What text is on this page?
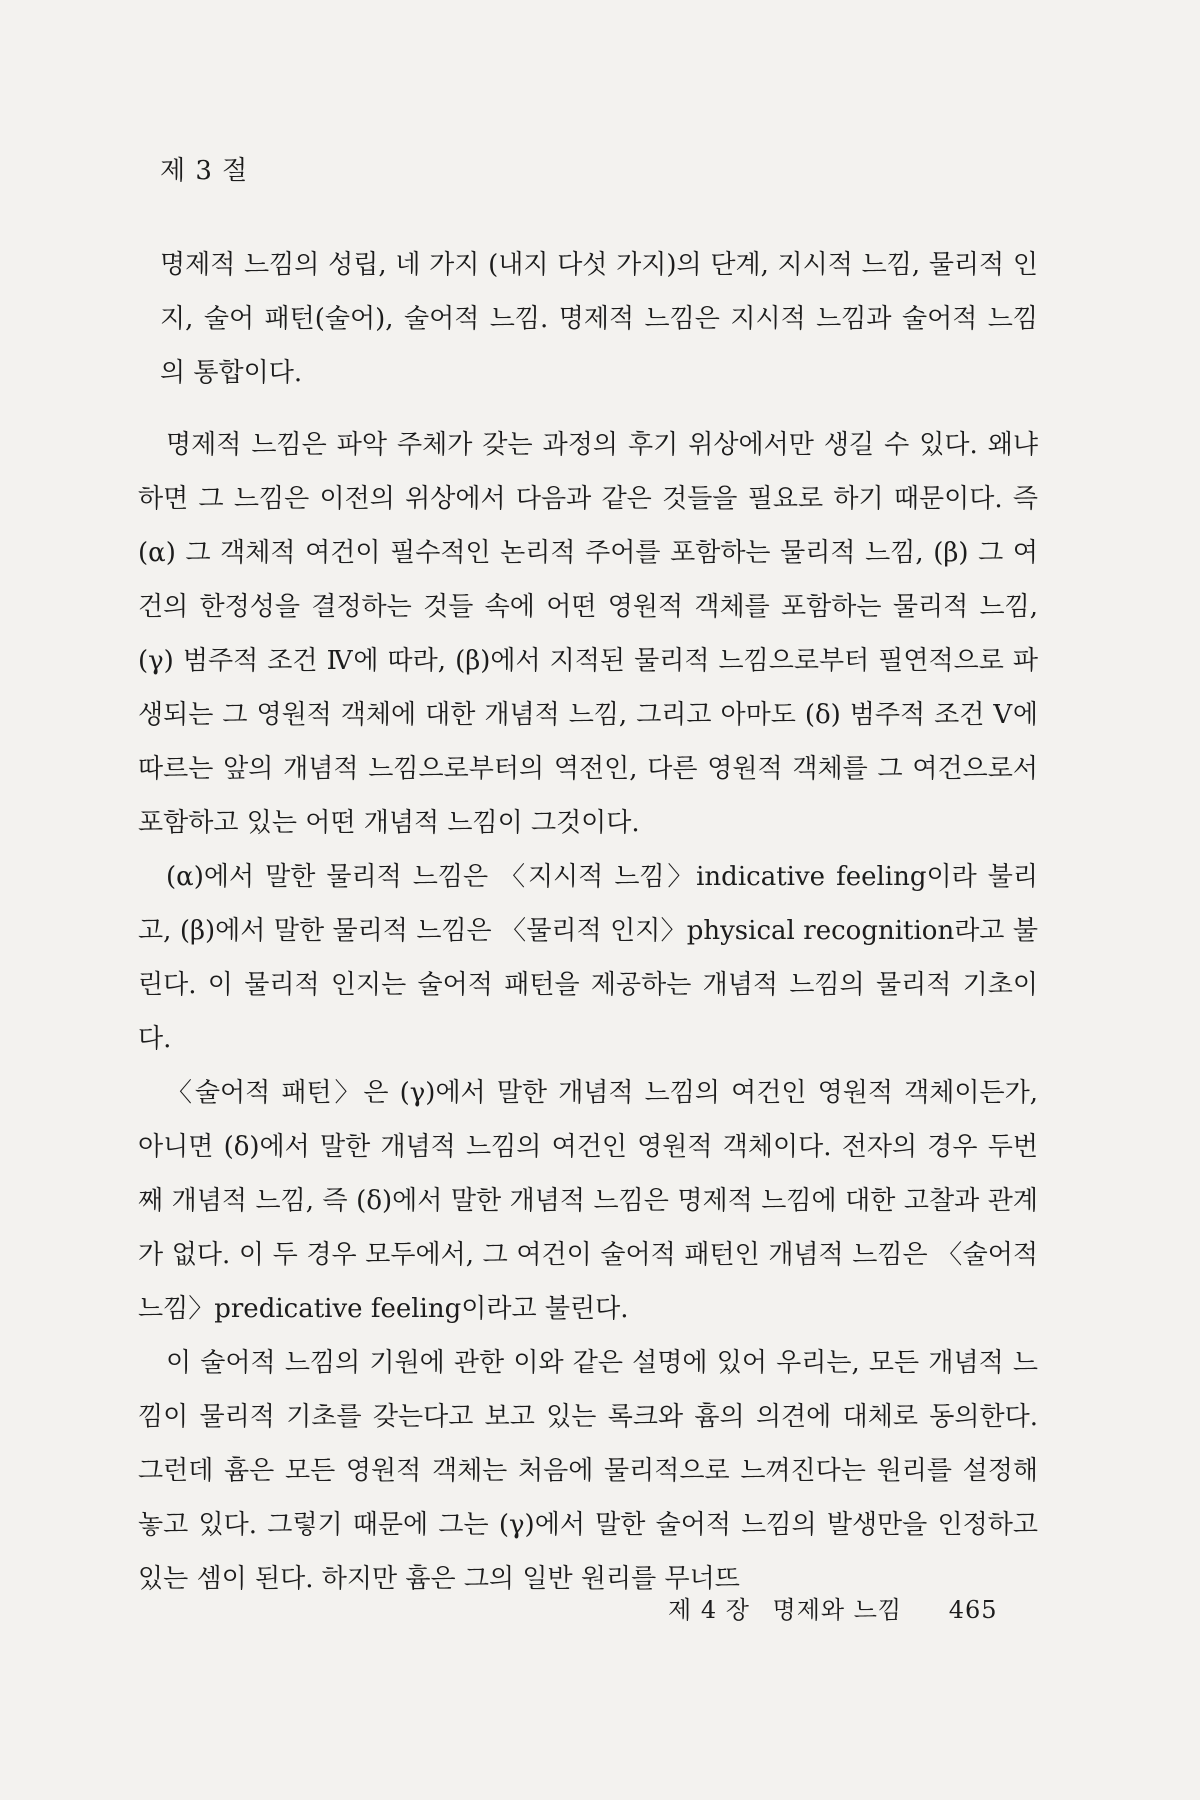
제 3 절
명제적 느낌의 성립, 네 가지 (내지 다섯 가지)의 단계, 지시적 느낌, 물리적 인지, 술어 패턴(술어), 술어적 느낌. 명제적 느낌은 지시적 느낌과 술어적 느낌의 통합이다.

명제적 느낌은 파악 주체가 갖는 과정의 후기 위상에서만 생길 수 있다. 왜냐하면 그 느낌은 이전의 위상에서 다음과 같은 것들을 필요로 하기 때문이다. 즉 (α) 그 객체적 여건이 필수적인 논리적 주어를 포함하는 물리적 느낌, (β) 그 여건의 한정성을 결정하는 것들 속에 어떤 영원적 객체를 포함하는 물리적 느낌, (γ) 범주적 조건 Ⅳ에 따라, (β)에서 지적된 물리적 느낌으로부터 필연적으로 파생되는 그 영원적 객체에 대한 개념적 느낌, 그리고 아마도 (δ) 범주적 조건 Ⅴ에 따르는 앞의 개념적 느낌으로부터의 역전인, 다른 영원적 객체를 그 여건으로서 포함하고 있는 어떤 개념적 느낌이 그것이다.

(α)에서 말한 물리적 느낌은 〈지시적 느낌〉indicative feeling이라 불리고, (β)에서 말한 물리적 느낌은 〈물리적 인지〉physical recognition라고 불린다. 이 물리적 인지는 술어적 패턴을 제공하는 개념적 느낌의 물리적 기초이다.

〈술어적 패턴〉은 (γ)에서 말한 개념적 느낌의 여건인 영원적 객체이든가, 아니면 (δ)에서 말한 개념적 느낌의 여건인 영원적 객체이다. 전자의 경우 두번째 개념적 느낌, 즉 (δ)에서 말한 개념적 느낌은 명제적 느낌에 대한 고찰과 관계가 없다. 이 두 경우 모두에서, 그 여건이 술어적 패턴인 개념적 느낌은 〈술어적 느낌〉predicative feeling이라고 불린다.

이 술어적 느낌의 기원에 관한 이와 같은 설명에 있어 우리는, 모든 개념적 느낌이 물리적 기초를 갖는다고 보고 있는 록크와 흄의 의견에 대체로 동의한다. 그런데 흄은 모든 영원적 객체는 처음에 물리적으로 느껴진다는 원리를 설정해 놓고 있다. 그렇기 때문에 그는 (γ)에서 말한 술어적 느낌의 발생만을 인정하고 있는 셈이 된다. 하지만 흄은 그의 일반 원리를 무너뜨

제 4 장 명제와 느낌 465
